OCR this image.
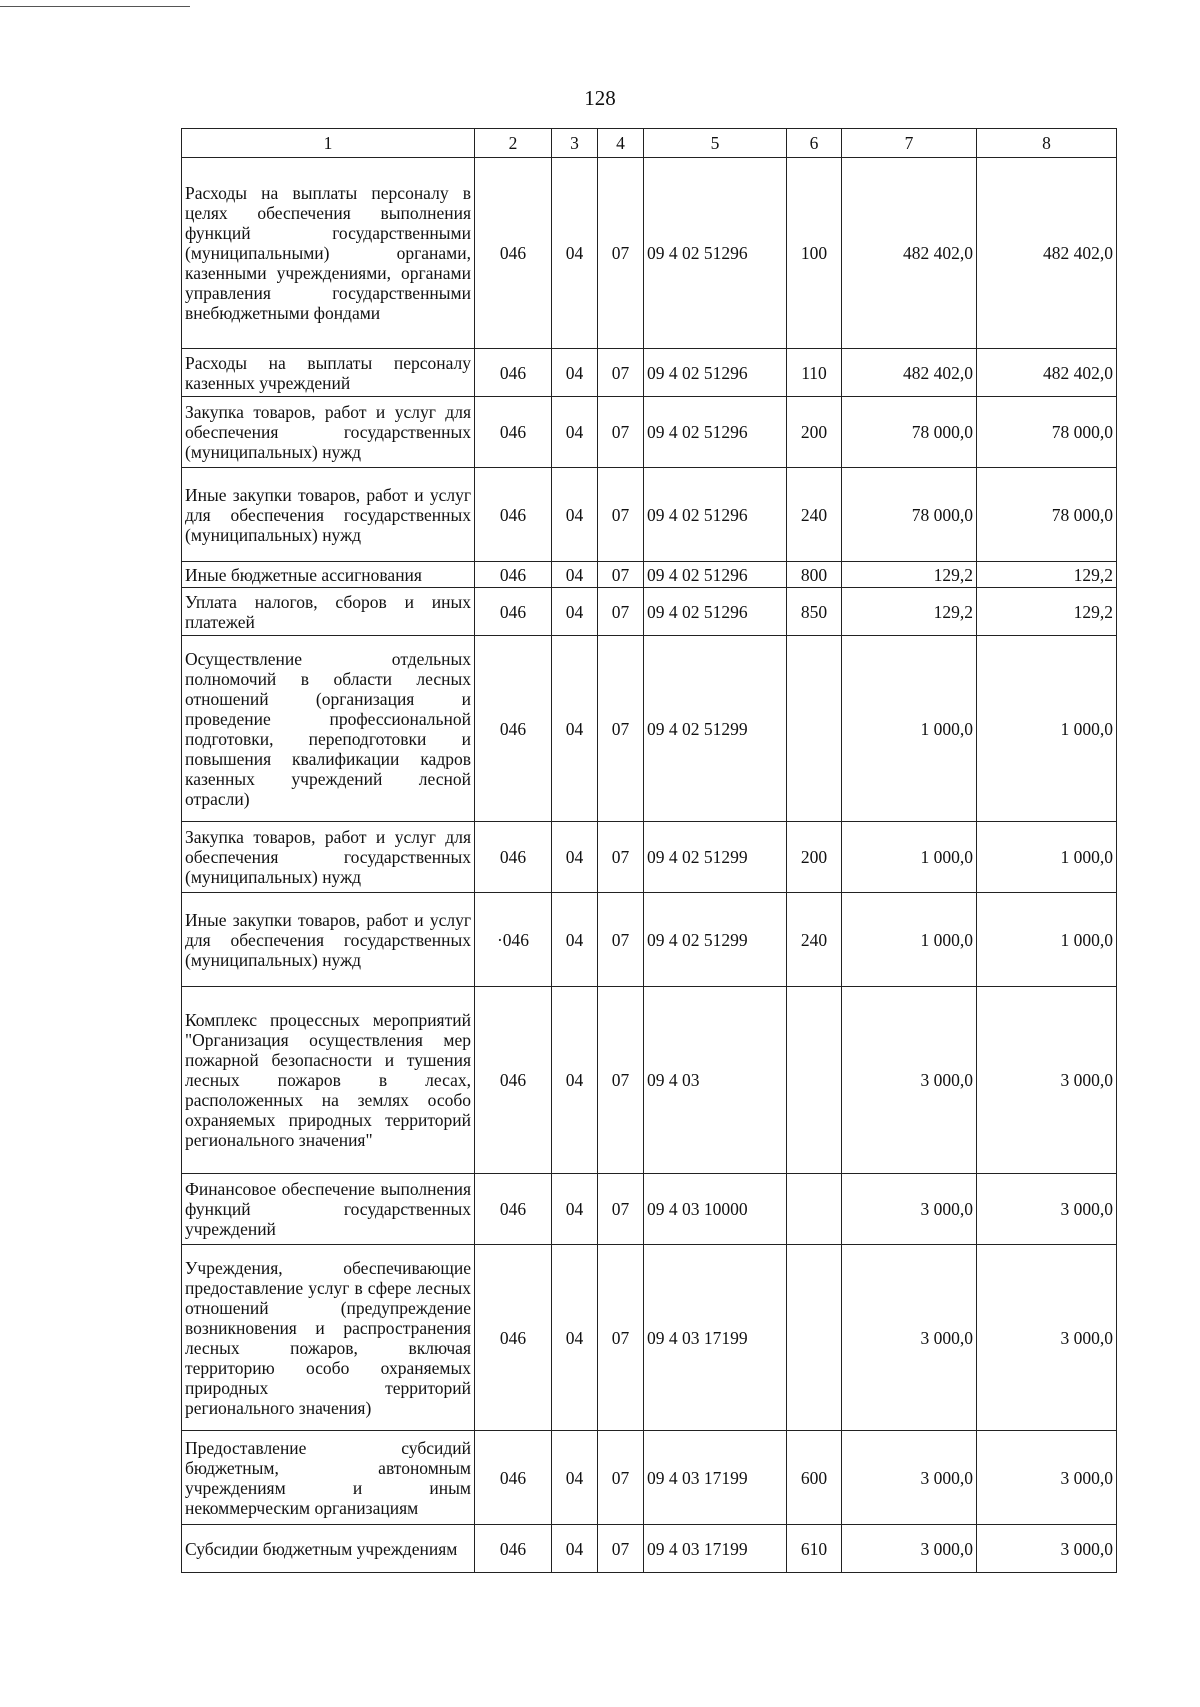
128
1	2	3	4	5	6	7	8
Расходы на выплаты персоналу в целях обеспечения выполнения функций государственными (муниципальными) органами, казенными учреждениями, органами управления государственными внебюджетными фондами	046	04	07	09 4 02 51296	100	482 402,0	482 402,0
Расходы на выплаты персоналу казенных учреждений	046	04	07	09 4 02 51296	110	482 402,0	482 402,0
Закупка товаров, работ и услуг для обеспечения государственных (муниципальных) нужд	046	04	07	09 4 02 51296	200	78 000,0	78 000,0
Иные закупки товаров, работ и услуг для обеспечения государственных (муниципальных) нужд	046	04	07	09 4 02 51296	240	78 000,0	78 000,0
Иные бюджетные ассигнования	046	04	07	09 4 02 51296	800	129,2	129,2
Уплата налогов, сборов и иных платежей	046	04	07	09 4 02 51296	850	129,2	129,2
Осуществление отдельных полномочий в области лесных отношений (организация и проведение профессиональной подготовки, переподготовки и повышения квалификации кадров казенных учреждений лесной отрасли)	046	04	07	09 4 02 51299		1 000,0	1 000,0
Закупка товаров, работ и услуг для обеспечения государственных (муниципальных) нужд	046	04	07	09 4 02 51299	200	1 000,0	1 000,0
Иные закупки товаров, работ и услуг для обеспечения государственных (муниципальных) нужд	·046	04	07	09 4 02 51299	240	1 000,0	1 000,0
Комплекс процессных мероприятий "Организация осуществления мер пожарной безопасности и тушения лесных пожаров в лесах, расположенных на землях особо охраняемых природных территорий регионального значения"	046	04	07	09 4 03		3 000,0	3 000,0
Финансовое обеспечение выполнения функций государственных учреждений	046	04	07	09 4 03 10000		3 000,0	3 000,0
Учреждения, обеспечивающие предоставление услуг в сфере лесных отношений (предупреждение возникновения и распространения лесных пожаров, включая территорию особо охраняемых природных территорий регионального значения)	046	04	07	09 4 03 17199		3 000,0	3 000,0
Предоставление субсидий бюджетным, автономным учреждениям и иным некоммерческим организациям	046	04	07	09 4 03 17199	600	3 000,0	3 000,0
Субсидии бюджетным учреждениям	046	04	07	09 4 03 17199	610	3 000,0	3 000,0
